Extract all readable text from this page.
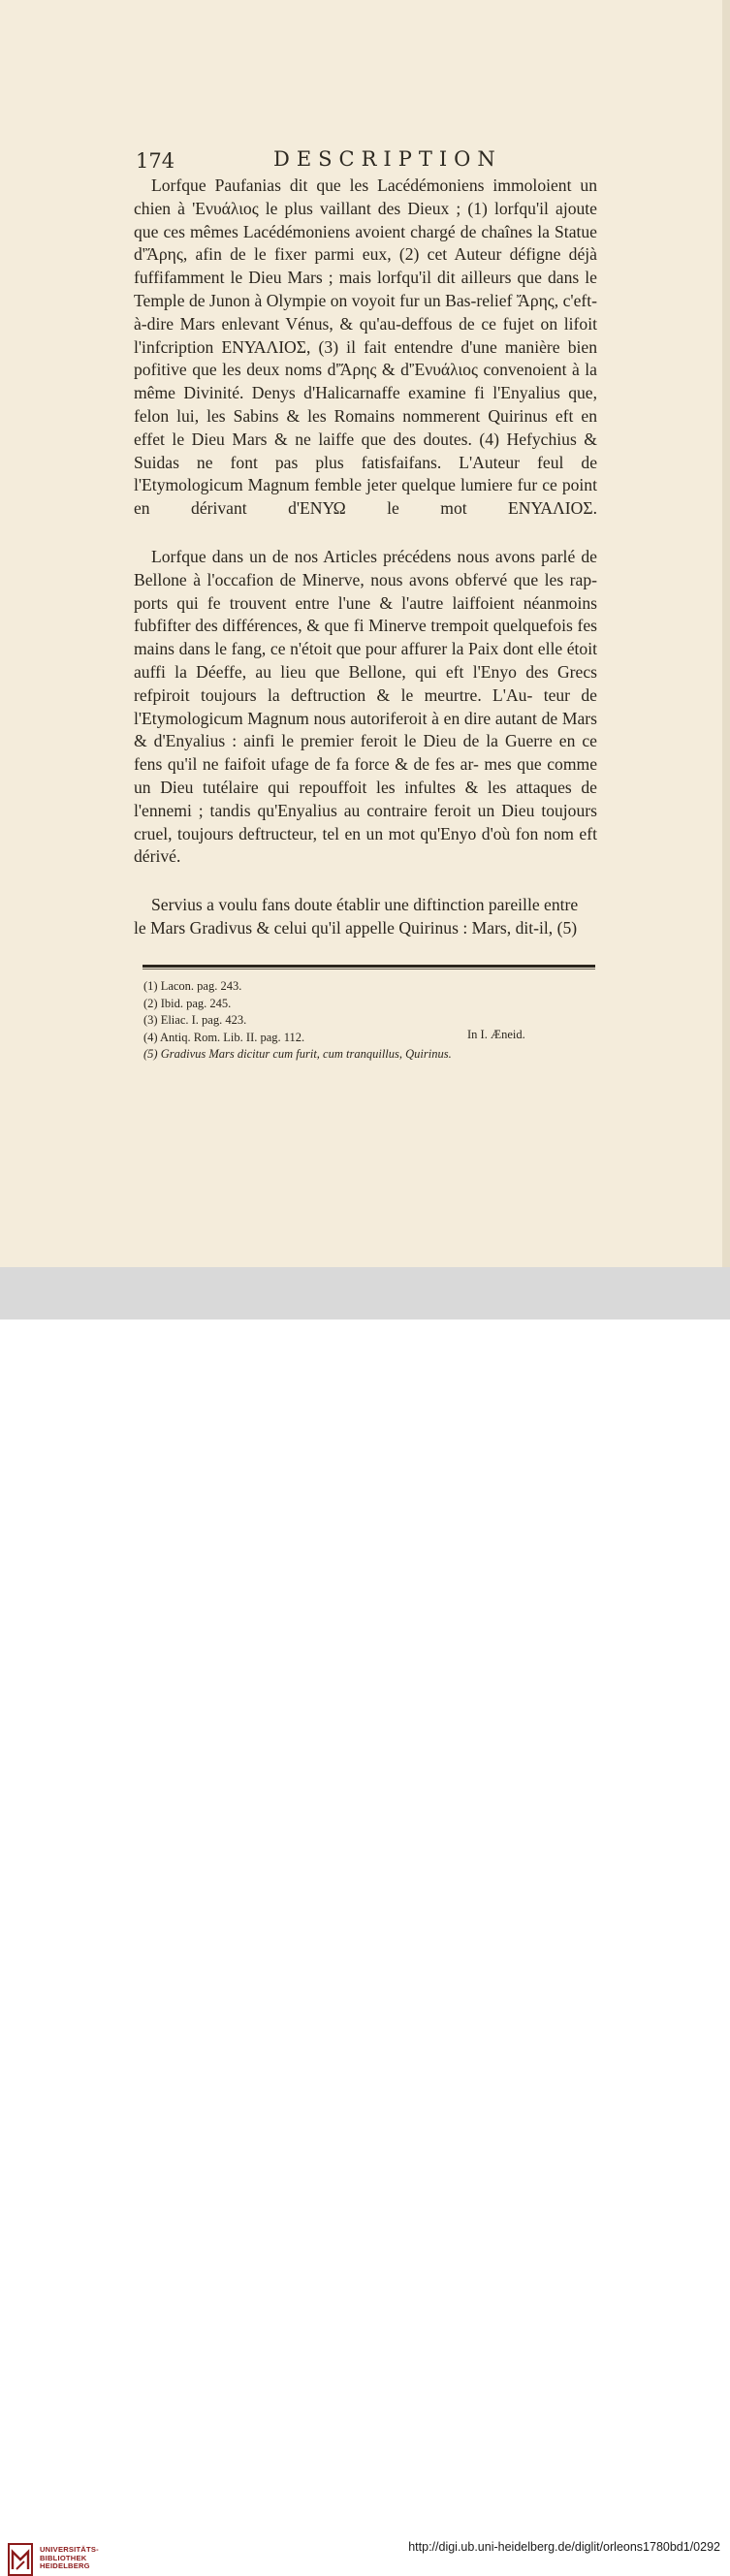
174	DESCRIPTION

Lorfque Paufanias dit que les Lacédémoniens immoloient un
chien à 'Ενυάλιος le plus vaillant des Dieux ; (1) lorfqu'il ajoute que ces mêmes Lacédémoniens avoient chargé de chaînes la Statue d'Ἄρης, afin de le fixer parmi eux, (2) cet Auteur défigne déjà fuffifamment le Dieu Mars ; mais lorfqu'il dit ailleurs que dans le Temple de Junon à Olympie on voyoit fur un Bas-relief Ἄρης, c'eft-à-dire Mars enlevant Vénus, & qu'au-deffous de ce fujet on lifoit l'infcription ΕΝΥΑΛΙΟΣ, (3) il fait entendre d'une manière bien pofitive que les deux noms d'Ἄρης & d'Ἐνυάλιος convenoient à la même Divinité. Denys d'Halicarnaffe examine fi l'Enyalius que, felon lui, les Sabins & les Romains nommerent Quirinus eft en effet le Dieu Mars & ne laiffe que des doutes. (4) Hefychius & Suidas ne font pas plus fatisfaifans. L'Auteur feul de l'Etymologicum Magnum femble jeter quelque lumiere fur ce point en dérivant d'ΕΝΥΩ le mot ΕΝΥΑΛΙΟΣ.

Lorfque dans un de nos Articles précédens nous avons parlé de
Bellone à l'occafion de Minerve, nous avons obfervé que les rap- ports qui fe trouvent entre l'une & l'autre laiffoient néanmoins fubfifter des différences, & que fi Minerve trempoit quelquefois fes mains dans le fang, ce n'étoit que pour affurer la Paix dont elle étoit auffi la Déeffe, au lieu que Bellone, qui eft l'Enyo des Grecs refpiroit toujours la deftruction & le meurtre. L'Au- teur de l'Etymologicum Magnum nous autoriferoit à en dire autant de Mars & d'Enyalius : ainfi le premier feroit le Dieu de la Guerre en ce fens qu'il ne faifoit ufage de fa force & de fes ar- mes que comme un Dieu tutélaire qui repouffoit les infultes & les attaques de l'ennemi ; tandis qu'Enyalius au contraire feroit un Dieu toujours cruel, toujours deftructeur, tel en un mot qu'Enyo d'où fon nom eft dérivé.

Servius a voulu fans doute établir une diftinction pareille entre
le Mars Gradivus & celui qu'il appelle Quirinus : Mars, dit-il, (5)

(1) Lacon. pag. 243.
(2) Ibid. pag. 245.
(3) Eliac. I. pag. 423.
(4) Antiq. Rom. Lib. II. pag. 112.
(5) Gradivus Mars dicitur cum furit, cum tranquillus, Quirinus.
In I. Æneid.
UNIVERSITÄTS-
BIBLIOTHEK
HEIDELBERG
http://digi.ub.uni-heidelberg.de/diglit/orleons1780bd1/0292
